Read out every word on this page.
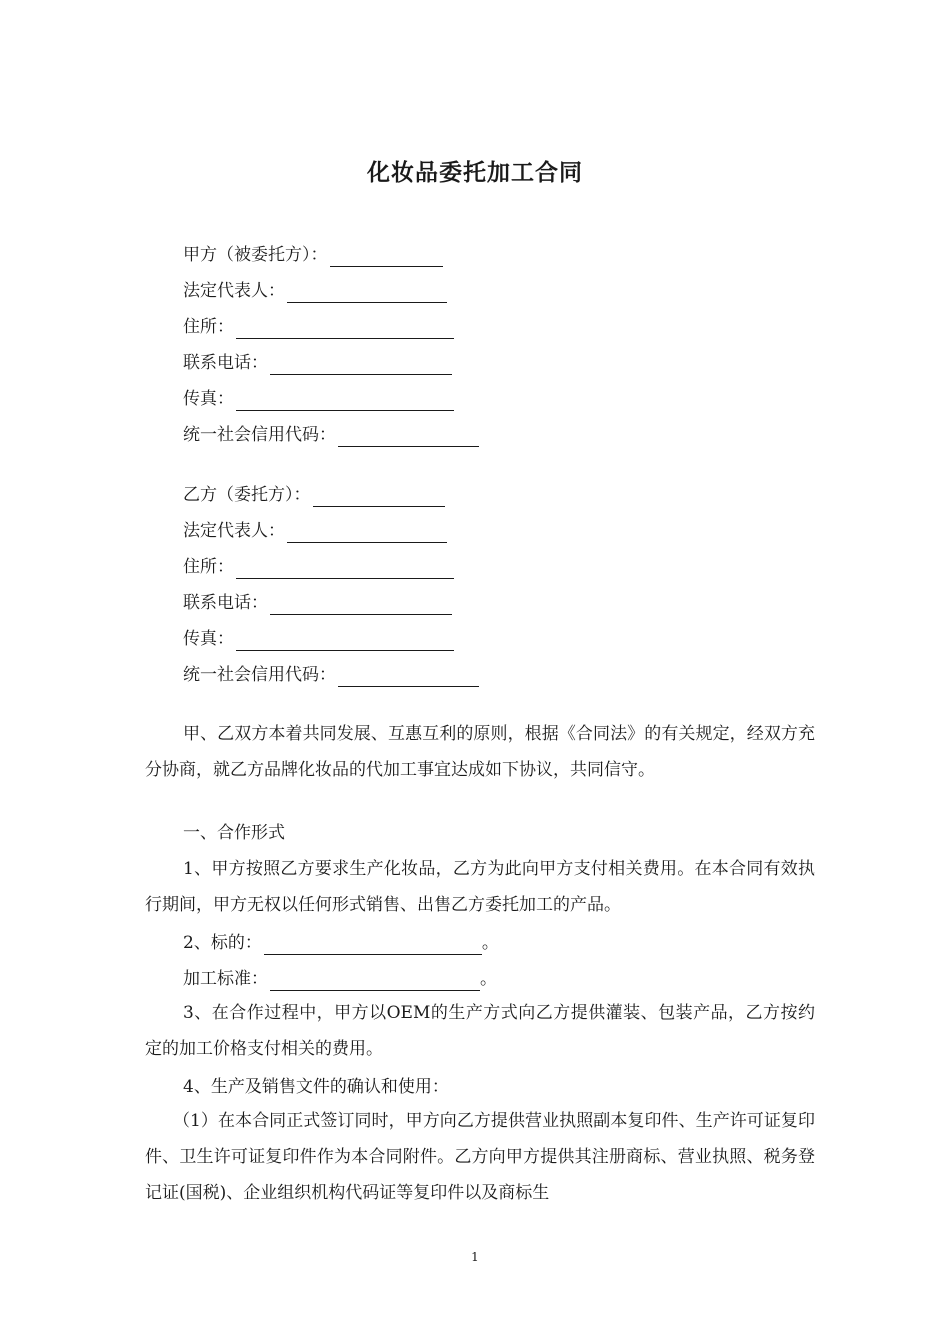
化妆品委托加工合同
甲方（被委托方）：
法定代表人：
住所：
联系电话：
传真：
统一社会信用代码：
乙方（委托方）：
法定代表人：
住所：
联系电话：
传真：
统一社会信用代码：
甲、乙双方本着共同发展、互惠互利的原则，根据《合同法》的有关规定，经双方充分协商，就乙方品牌化妆品的代加工事宜达成如下协议，共同信守。
一、合作形式
1、甲方按照乙方要求生产化妆品，乙方为此向甲方支付相关费用。在本合同有效执行期间，甲方无权以任何形式销售、出售乙方委托加工的产品。
2、标的：	。
加工标准：	。
3、在合作过程中，甲方以OEM的生产方式向乙方提供灌装、包装产品，乙方按约定的加工价格支付相关的费用。
4、生产及销售文件的确认和使用：
（1）在本合同正式签订同时，甲方向乙方提供营业执照副本复印件、生产许可证复印件、卫生许可证复印件作为本合同附件。乙方向甲方提供其注册商标、营业执照、税务登记证(国税)、企业组织机构代码证等复印件以及商标生
1
